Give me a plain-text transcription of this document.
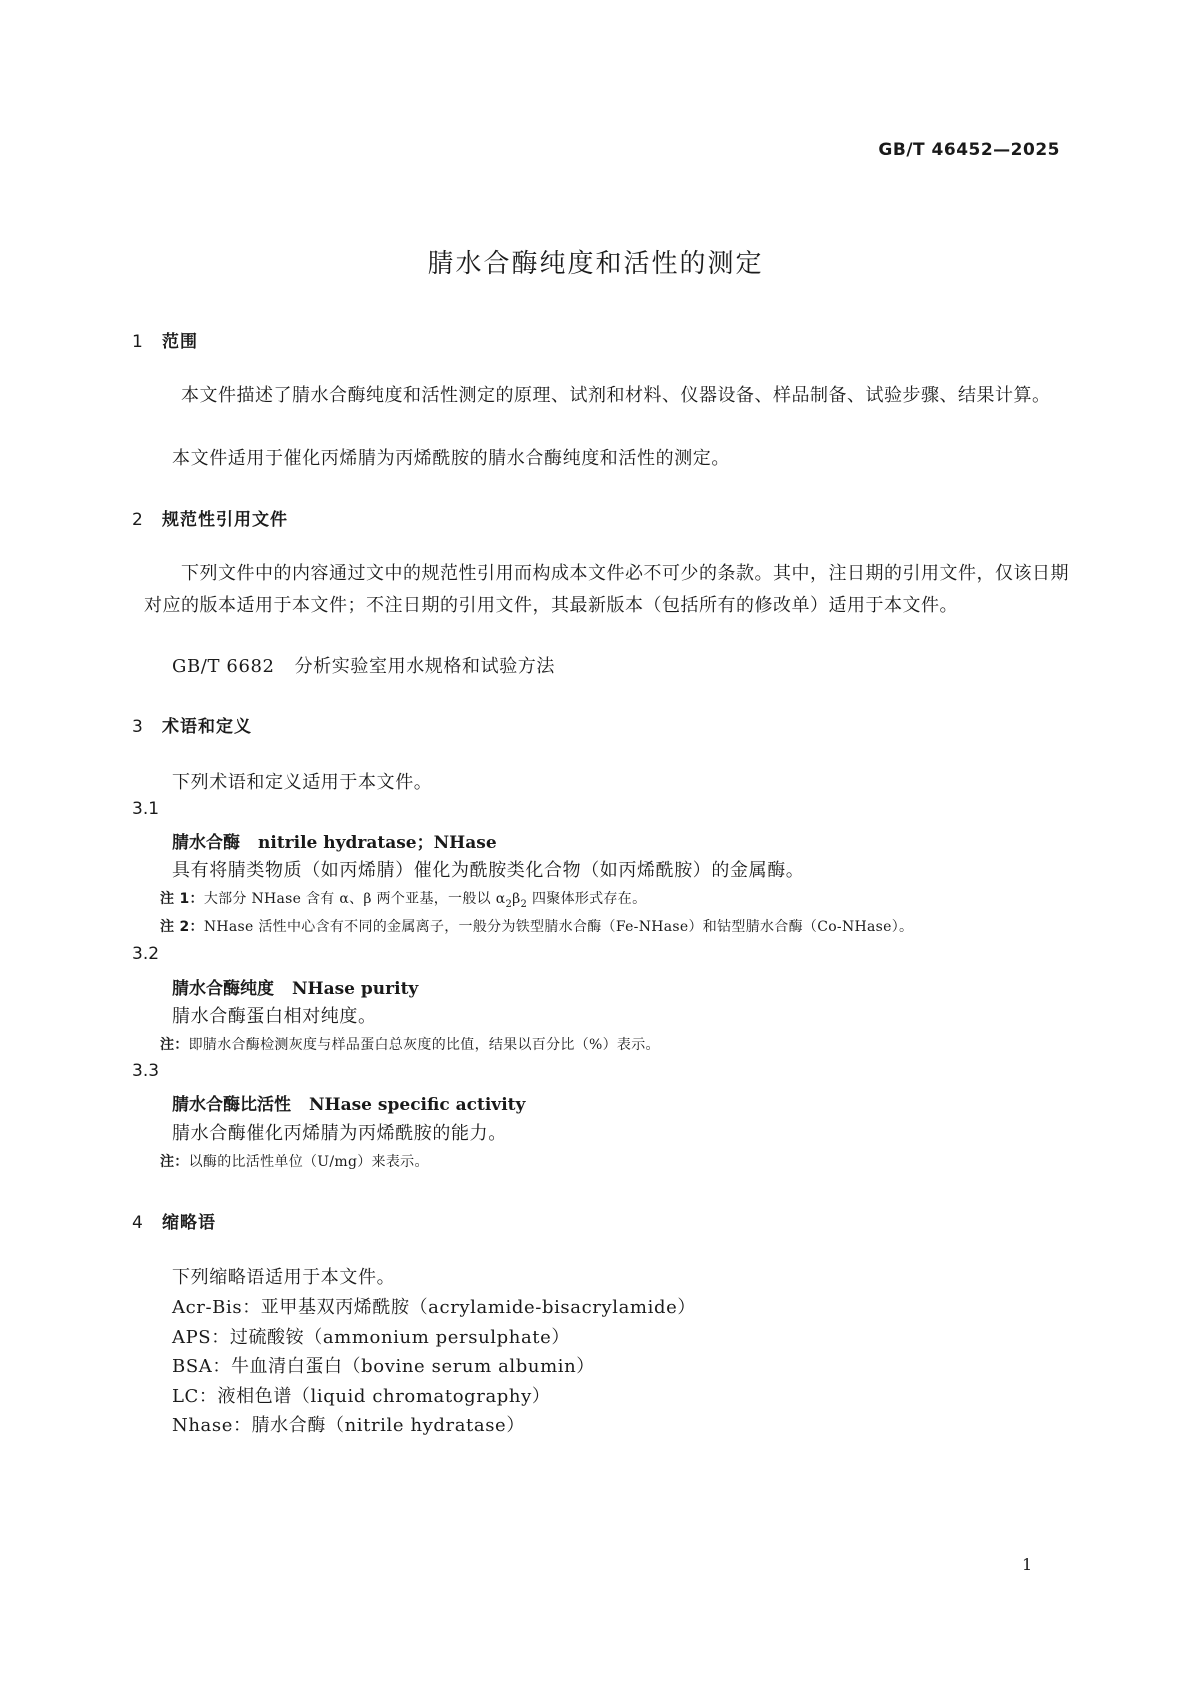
GB/T 46452—2025
腈水合酶纯度和活性的测定
1 范围
本文件描述了腈水合酶纯度和活性测定的原理、试剂和材料、仪器设备、样品制备、试验步骤、结果计算。
本文件适用于催化丙烯腈为丙烯酰胺的腈水合酶纯度和活性的测定。
2 规范性引用文件
下列文件中的内容通过文中的规范性引用而构成本文件必不可少的条款。其中，注日期的引用文件，仅该日期对应的版本适用于本文件；不注日期的引用文件，其最新版本（包括所有的修改单）适用于本文件。
GB/T 6682 分析实验室用水规格和试验方法
3 术语和定义
下列术语和定义适用于本文件。
3.1
腈水合酶 nitrile hydratase；NHase
具有将腈类物质（如丙烯腈）催化为酰胺类化合物（如丙烯酰胺）的金属酶。
注 1：大部分 NHase 含有 α、β 两个亚基，一般以 $\alpha_2\beta_2$ 四聚体形式存在。
注 2：NHase 活性中心含有不同的金属离子，一般分为铁型腈水合酶（Fe-NHase）和钴型腈水合酶（Co-NHase）。
3.2
腈水合酶纯度 NHase purity
腈水合酶蛋白相对纯度。
注：即腈水合酶检测灰度与样品蛋白总灰度的比值，结果以百分比（%）表示。
3.3
腈水合酶比活性 NHase specific activity
腈水合酶催化丙烯腈为丙烯酰胺的能力。
注：以酶的比活性单位（U/mg）来表示。
4 缩略语
下列缩略语适用于本文件。
Acr-Bis：亚甲基双丙烯酰胺（acrylamide-bisacrylamide）
APS：过硫酸铵（ammonium persulphate）
BSA：牛血清白蛋白（bovine serum albumin）
LC：液相色谱（liquid chromatography）
Nhase：腈水合酶（nitrile hydratase）
1
